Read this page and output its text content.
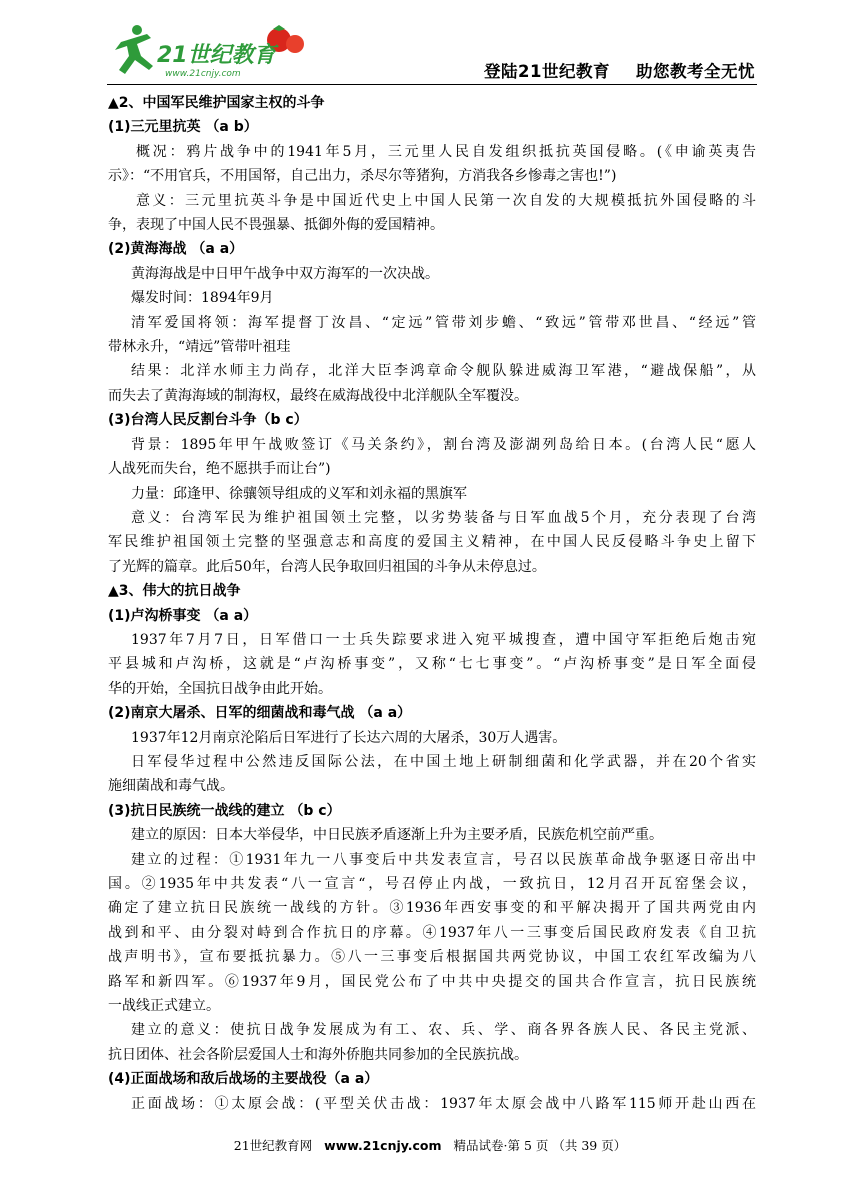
21世纪教育
www.21cnjy.com	登陆21世纪教育 助您教考全无忧
▲2、中国军民维护国家主权的斗争
(1)三元里抗英 （a b）
概况：鸦片战争中的1941年5月，三元里人民自发组织抵抗英国侵略。(《申谕英夷告
示》：“不用官兵，不用国帑，自己出力，杀尽尔等猪狗，方消我各乡惨毒之害也!”)
意义：三元里抗英斗争是中国近代史上中国人民第一次自发的大规模抵抗外国侵略的斗
争，表现了中国人民不畏强暴、抵御外侮的爱国精神。
(2)黄海海战 （a a）
黄海海战是中日甲午战争中双方海军的一次决战。
爆发时间：1894年9月
清军爱国将领：海军提督丁汝昌、“定远”管带刘步蟾、“致远”管带邓世昌、“经远”管
带林永升，“靖远”管带叶祖珪
结果：北洋水师主力尚存，北洋大臣李鸿章命令舰队躲进威海卫军港，“避战保船”，从
而失去了黄海海域的制海权，最终在威海战役中北洋舰队全军覆没。
(3)台湾人民反割台斗争（b c）
背景：1895年甲午战败签订《马关条约》，割台湾及澎湖列岛给日本。(台湾人民“愿人
人战死而失台，绝不愿拱手而让台”)
力量：邱逢甲、徐骧领导组成的义军和刘永福的黑旗军
意义：台湾军民为维护祖国领土完整，以劣势装备与日军血战5个月，充分表现了台湾
军民维护祖国领土完整的坚强意志和高度的爱国主义精神，在中国人民反侵略斗争史上留下
了光辉的篇章。此后50年，台湾人民争取回归祖国的斗争从未停息过。
▲3、伟大的抗日战争
(1)卢沟桥事变 （a a）
1937年7月7日，日军借口一士兵失踪要求进入宛平城搜查，遭中国守军拒绝后炮击宛
平县城和卢沟桥，这就是“卢沟桥事变”，又称“七七事变”。“卢沟桥事变”是日军全面侵
华的开始，全国抗日战争由此开始。
(2)南京大屠杀、日军的细菌战和毒气战 （a a）
1937年12月南京沦陷后日军进行了长达六周的大屠杀，30万人遇害。
日军侵华过程中公然违反国际公法，在中国土地上研制细菌和化学武器，并在20个省实
施细菌战和毒气战。
(3)抗日民族统一战线的建立 （b c）
建立的原因：日本大举侵华，中日民族矛盾逐渐上升为主要矛盾，民族危机空前严重。
建立的过程：①1931年九一八事变后中共发表宣言，号召以民族革命战争驱逐日帝出中
国。②1935年中共发表“八一宣言“，号召停止内战，一致抗日，12月召开瓦窑堡会议，
确定了建立抗日民族统一战线的方针。③1936年西安事变的和平解决揭开了国共两党由内
战到和平、由分裂对峙到合作抗日的序幕。④1937年八一三事变后国民政府发表《自卫抗
战声明书》，宣布要抵抗暴力。⑤八一三事变后根据国共两党协议，中国工农红军改编为八
路军和新四军。⑥1937年9月，国民党公布了中共中央提交的国共合作宣言，抗日民族统
一战线正式建立。
建立的意义：使抗日战争发展成为有工、农、兵、学、商各界各族人民、各民主党派、
抗日团体、社会各阶层爱国人士和海外侨胞共同参加的全民族抗战。
(4)正面战场和敌后战场的主要战役（a a）
正面战场：①太原会战：(平型关伏击战：1937年太原会战中八路军115师开赴山西在
21世纪教育网 www.21cnjy.com 精品试卷·第 5 页 （共 39 页）
